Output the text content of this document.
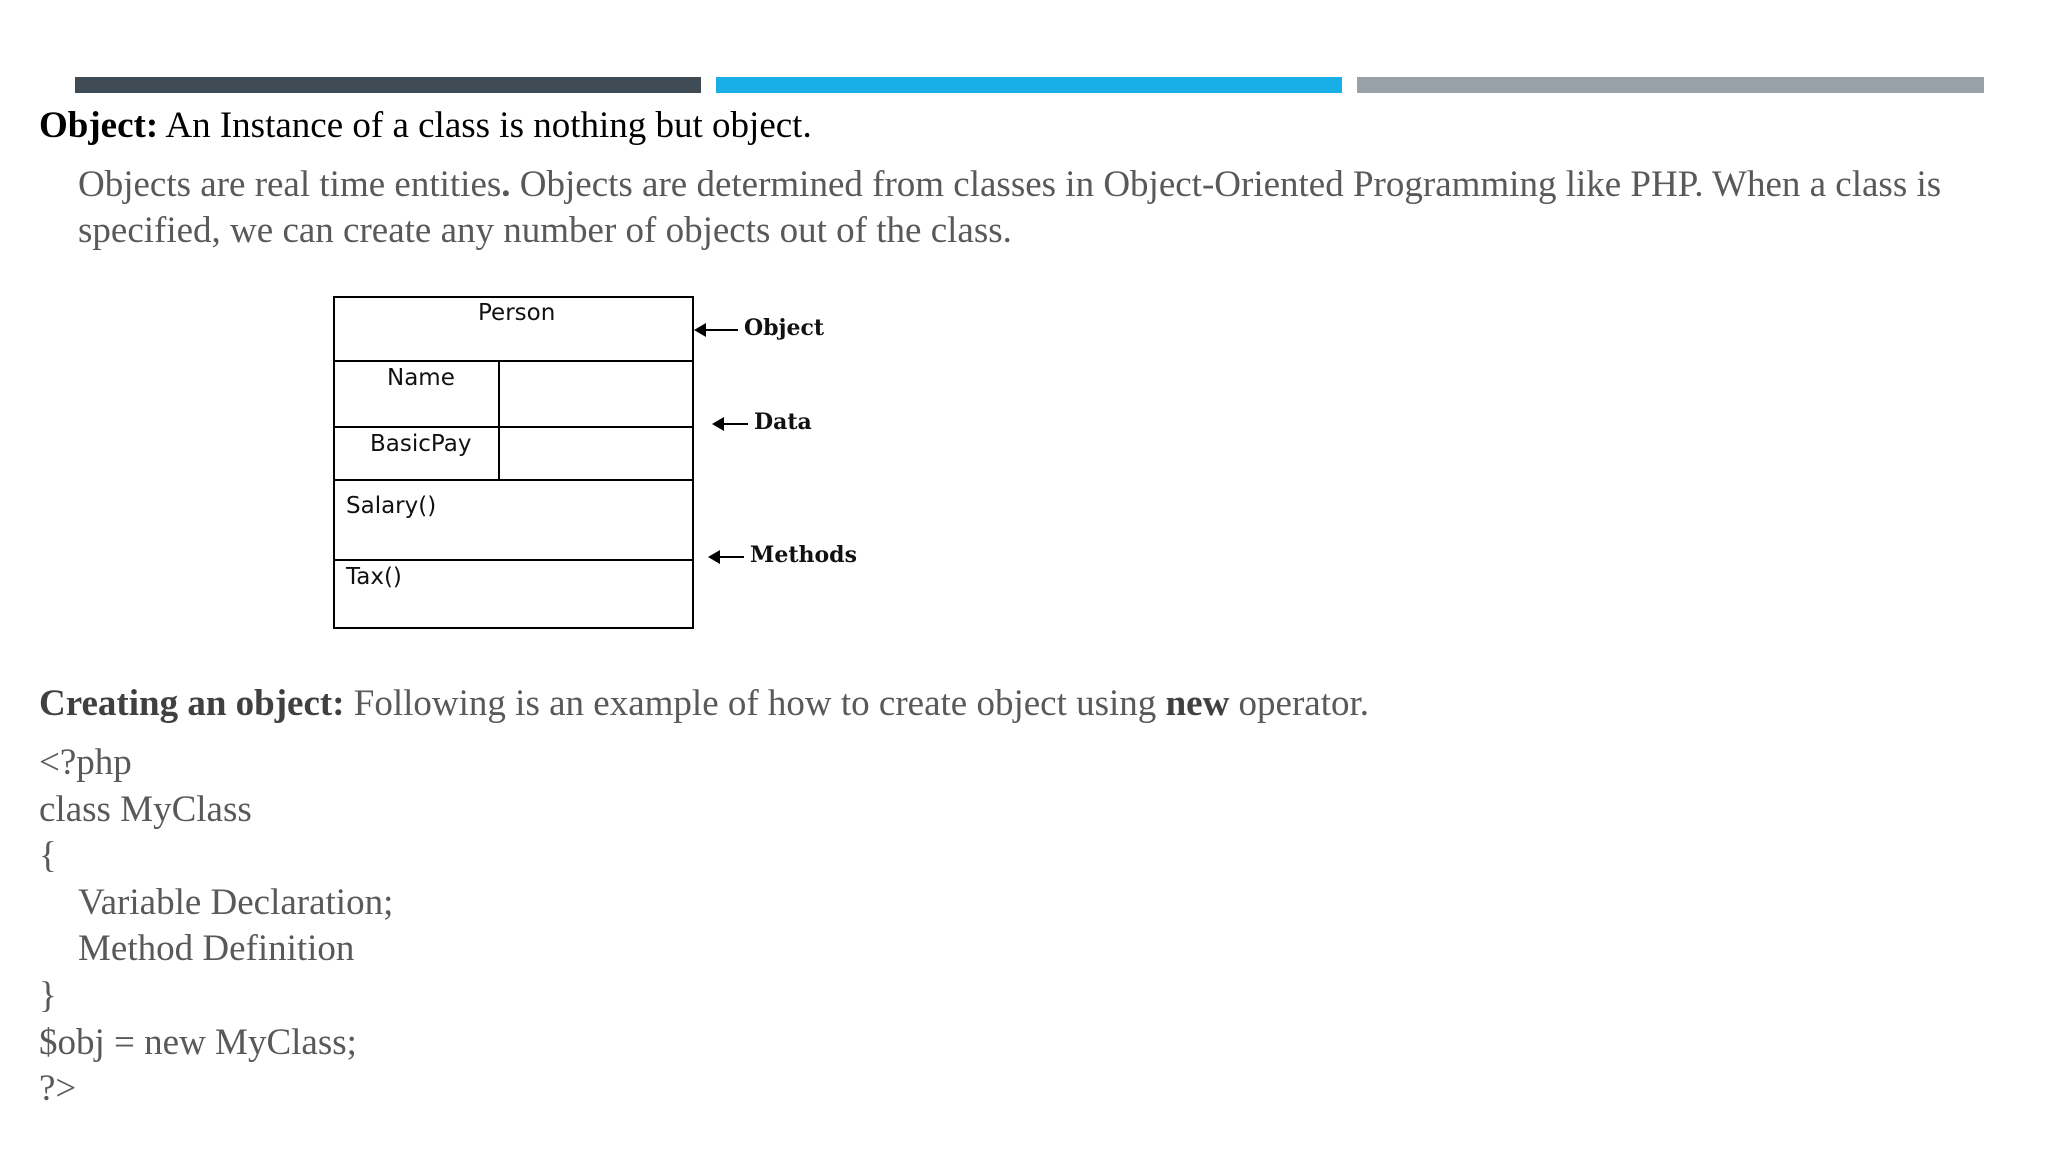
Object: An Instance of a class is nothing but object.
Objects are real time entities. Objects are determined from classes in Object-Oriented Programming like PHP. When a class is specified, we can create any number of objects out of the class.
Person
Name
BasicPay
Salary()
Tax()
Object
Data
Methods
Creating an object: Following is an example of how to create object using new operator.
<?php
class MyClass
{
Variable Declaration;
Method Definition
}
$obj = new MyClass;
?>
